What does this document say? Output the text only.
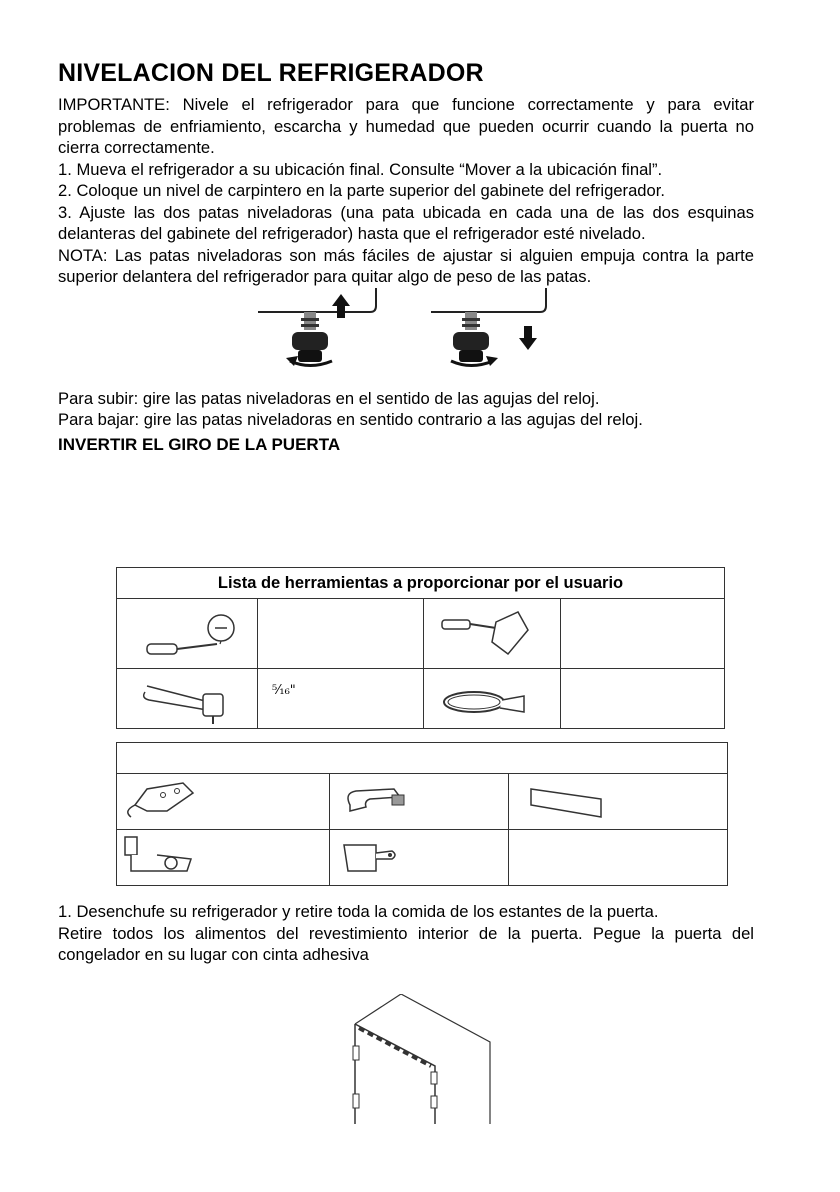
NIVELACION DEL REFRIGERADOR

IMPORTANTE: Nivele el refrigerador para que funcione correctamente y para evitar problemas de enfriamiento, escarcha y humedad que pueden ocurrir cuando la puerta no cierra correctamente.

1. Mueva el refrigerador a su ubicación final. Consulte “Mover a la ubicación final”.

2. Coloque un nivel de carpintero en la parte superior del gabinete del refrigerador.

3. Ajuste las dos patas niveladoras (una pata ubicada en cada una de las dos esquinas delanteras del gabinete del refrigerador) hasta que el refrigerador esté nivelado.

NOTA: Las patas niveladoras son más fáciles de ajustar si alguien empuja contra la parte superior delantera del refrigerador para quitar algo de peso de las patas.

Para subir: gire las patas niveladoras en el sentido de las agujas del reloj.

Para bajar: gire las patas niveladoras en sentido contrario a las agujas del reloj.

INVERTIR EL GIRO DE LA PUERTA
Lista de herramientas a proporcionar por el usuario			

	⁵⁄₁₆"	

1. Desenchufe su refrigerador y retire toda la comida de los estantes de la puerta.

Retire todos los alimentos del revestimiento interior de la puerta. Pegue la puerta del congelador en su lugar con cinta adhesiva
